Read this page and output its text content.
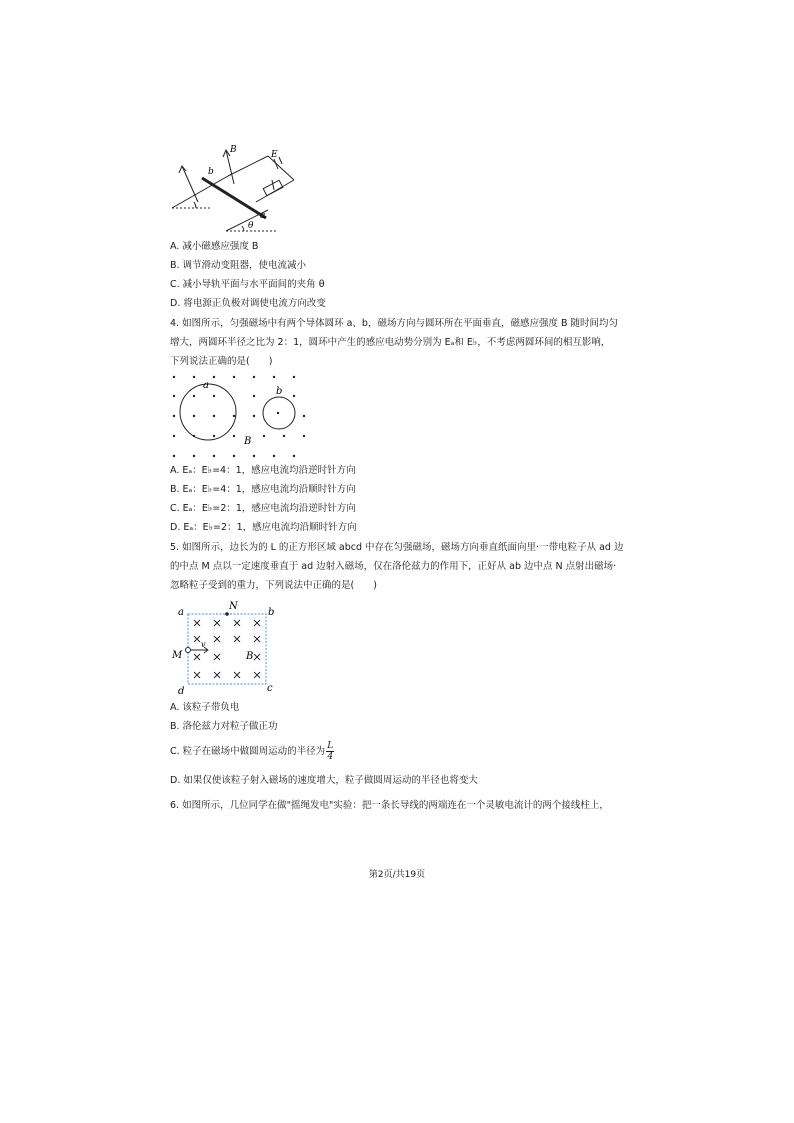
B	E
b
a
θ
A. 减小磁感应强度 B
B. 调节滑动变阻器，使电流减小
C. 减小导轨平面与水平面间的夹角 θ
D. 将电源正负极对调使电流方向改变
4. 如图所示，匀强磁场中有两个导体圆环 a、b，磁场方向与圆环所在平面垂直，磁感应强度 B 随时间均匀
增大，两圆环半径之比为 2：1，圆环中产生的感应电动势分别为 Eₐ和 E♭，不考虑两圆环间的相互影响，
下列说法正确的是(　　)
a
b
B
A. Eₐ：E♭=4：1，感应电流均沿逆时针方向
B. Eₐ：E♭=4：1，感应电流均沿顺时针方向
C. Eₐ：E♭=2：1，感应电流均沿逆时针方向
D. Eₐ：E♭=2：1，感应电流均沿顺时针方向
5. 如图所示，边长为的 L 的正方形区域 abcd 中存在匀强磁场，磁场方向垂直纸面向里·一带电粒子从 ad 边
的中点 M 点以一定速度垂直于 ad 边射入磁场，仅在洛伦兹力的作用下，正好从 ab 边中点 N 点射出磁场·
忽略粒子受到的重力，下列说法中正确的是(　　)
a	b
c
d
N
M
v
B
A. 该粒子带负电
B. 洛伦兹力对粒子做正功
C. 粒子在磁场中做圆周运动的半径为 $\frac{L}{4}$
D. 如果仅使该粒子射入磁场的速度增大，粒子做圆周运动的半径也将变大
6. 如图所示，几位同学在做"摇绳发电"实验：把一条长导线的两端连在一个灵敏电流计的两个接线柱上，
第2页/共19页
